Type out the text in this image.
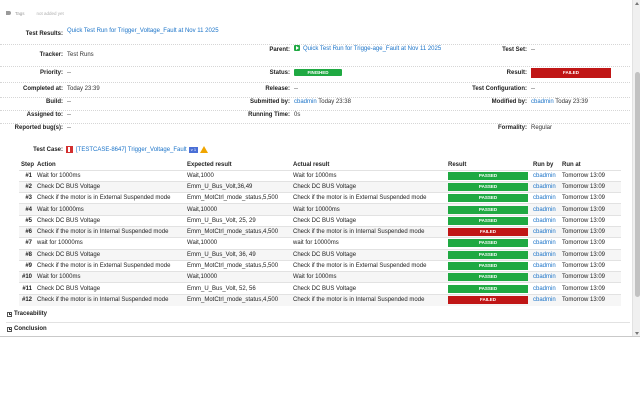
Tags	not added yet
Test Results: Quick Test Run for Trigger_Voltage_Fault at Nov 11 2025
Tracker: Test Runs
Parent:	Quick Test Run for Trigge-age_Fault at Nov 11 2025	Test Set: --
Priority: --	Status:	FINISHED	Result:	FAILED
Completed at: Today 23:39	Release: --	Test Configuration: --
Build: --	Submitted by: cbadmin Today 23:38	Modified by: cbadmin Today 23:39
Assigned to: --	Running Time: 0s
Reported bug(s): --	Formality: Regular
Test Case:	[TESTCASE-8647] Trigger_Voltage_Fault v 1
Step	Action	Expected result	Actual result	Result	Run by	Run at
#1	Wait for 1000ms	Wait,1000	Wait for 1000ms	PASSED	cbadmin	Tomorrow 13:09
#2	Check DC BUS Voltage	Emm_U_Bus_Volt,36,49	Check DC BUS Voltage	PASSED	cbadmin	Tomorrow 13:09
#3	Check if the motor is in External Suspended mode	Emm_MotCtrl_mode_status,5,500	Check if the motor is in External Suspended mode	PASSED	cbadmin	Tomorrow 13:09
#4	Wait for 10000ms	Wait,10000	Wait for 10000ms	PASSED	cbadmin	Tomorrow 13:09
#5	Check DC BUS Voltage	Emm_U_Bus_Volt, 25, 29	Check DC BUS Voltage	PASSED	cbadmin	Tomorrow 13:09
#6	Check if the motor is in Internal Suspended mode	Emm_MotCtrl_mode_status,4,500	Check if the motor is in Internal Suspended mode	FAILED	cbadmin	Tomorrow 13:09
#7	wait for 10000ms	Wait,10000	wait for 10000ms	PASSED	cbadmin	Tomorrow 13:09
#8	Check DC BUS Voltage	Emm_U_Bus_Volt, 36, 49	Check DC BUS Voltage	PASSED	cbadmin	Tomorrow 13:09
#9	Check if the motor is in External Suspended mode	Emm_MotCtrl_mode_status,5,500	Check if the motor is in External Suspended mode	PASSED	cbadmin	Tomorrow 13:09
#10	Wait for 1000ms	Wait,10000	Wait for 1000ms	PASSED	cbadmin	Tomorrow 13:09
#11	Check DC BUS Voltage	Emm_U_Bus_Volt, 52, 56	Check DC BUS Voltage	PASSED	cbadmin	Tomorrow 13:09
#12	Check if the motor is in Internal Suspended mode	Emm_MotCtrl_mode_status,4,500	Check if the motor is in Internal Suspended mode	FAILED	cbadmin	Tomorrow 13:09
Traceability
Conclusion
